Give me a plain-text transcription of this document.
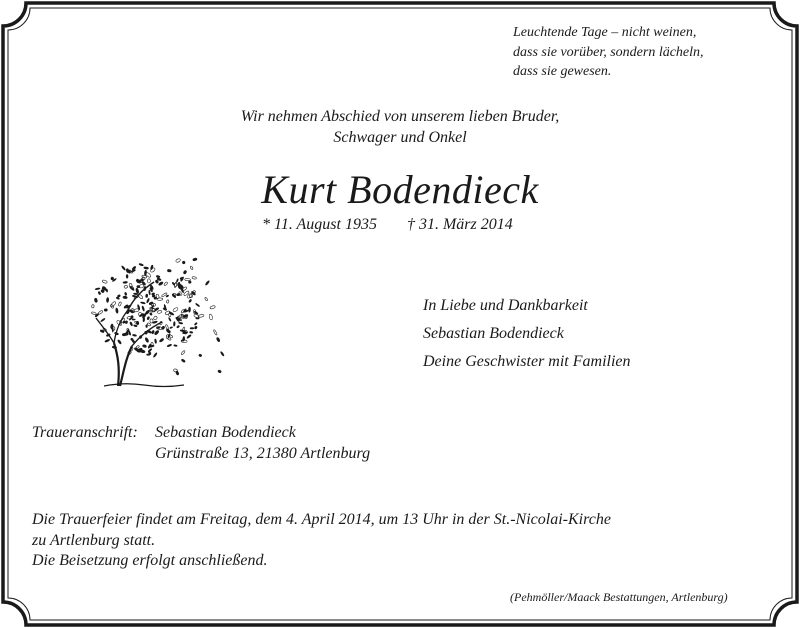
Leuchtende Tage – nicht weinen,
dass sie vorüber, sondern lächeln,
dass sie gewesen.

Wir nehmen Abschied von unserem lieben Bruder,
Schwager und Onkel

Kurt Bodendieck

* 11. August 1935 † 31. März 2014

In Liebe und Dankbarkeit
Sebastian Bodendieck
Deine Geschwister mit Familien

Traueranschrift: Sebastian Bodendieck

Grünstraße 13, 21380 Artlenburg

Die Trauerfeier findet am Freitag, dem 4. April 2014, um 13 Uhr in der St.-Nicolai-Kirche
zu Artlenburg statt.
Die Beisetzung erfolgt anschließend.

(Pehmöller/Maack Bestattungen, Artlenburg)
